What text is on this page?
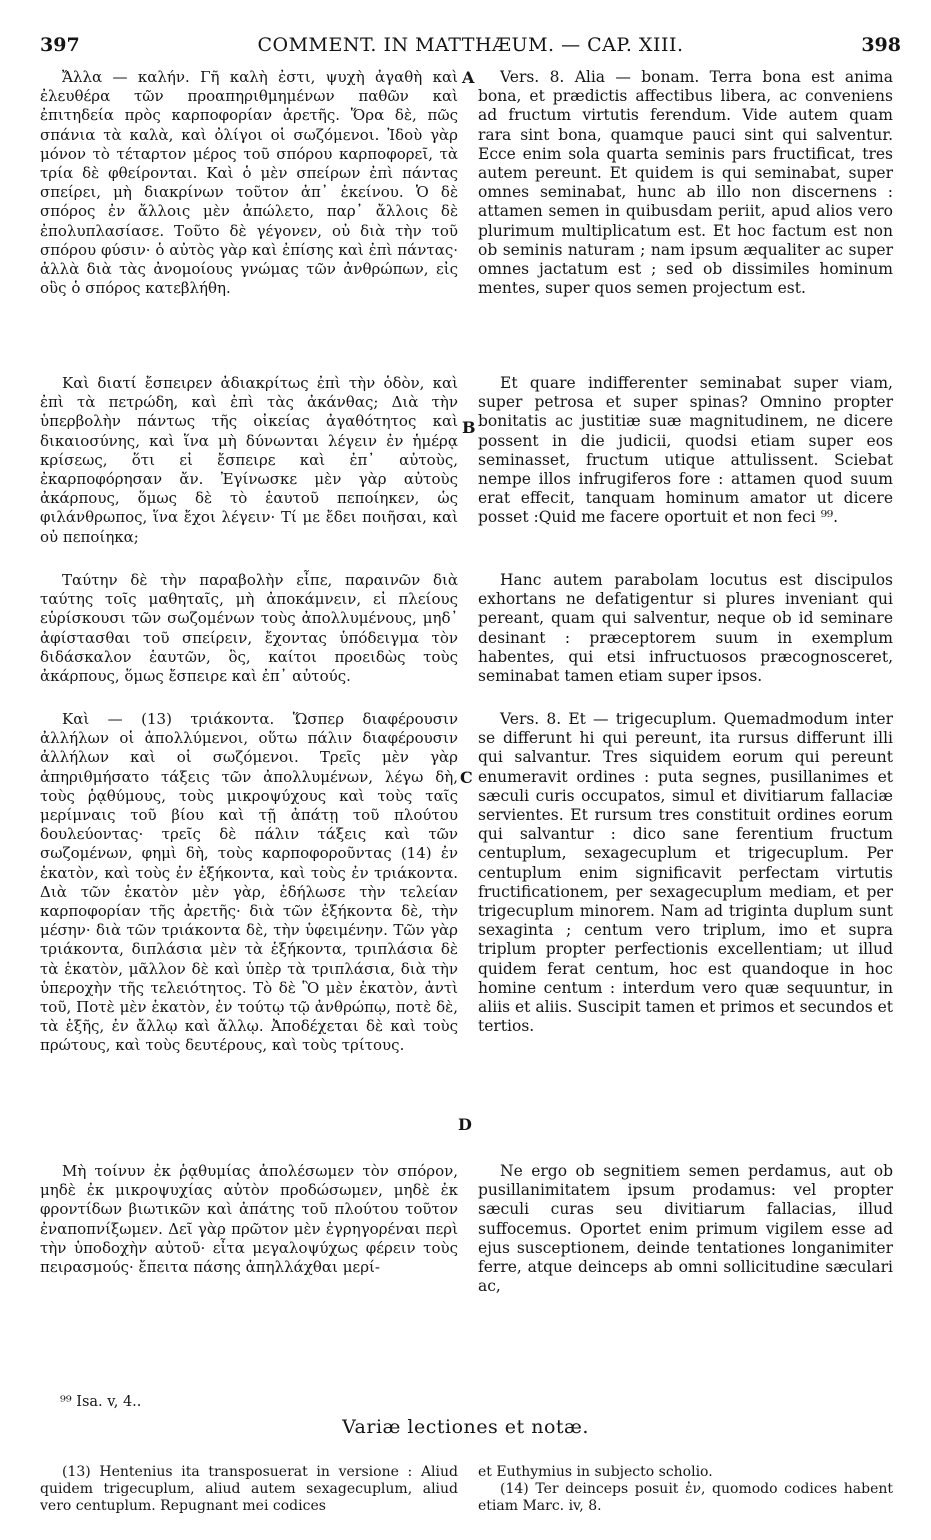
397	COMMENT. IN MATTHÆUM. — CAP. XIII.	398

Ἄλλα — καλήν. Γῆ καλὴ ἐστι, ψυχὴ ἀγαθὴ καὶ ἐλευθέρα τῶν προαπηριθμημένων παθῶν καὶ ἐπιτηδεία πρὸς καρποφορίαν ἀρετῆς. Ὅρα δὲ, πῶς σπάνια τὰ καλὰ, καὶ ὀλίγοι οἱ σωζόμενοι. Ἰδοὺ γὰρ μόνον τὸ τέταρτον μέρος τοῦ σπόρου καρποφορεῖ, τὰ τρία δὲ φθείρονται. Καὶ ὁ μὲν σπείρων ἐπὶ πάντας σπείρει, μὴ διακρίνων τοῦτον ἀπ᾽ ἐκείνου. Ὁ δὲ σπόρος ἐν ἄλλοις μὲν ἀπώλετο, παρ᾽ ἄλλοις δὲ ἐπολυπλασίασε. Τοῦτο δὲ γέγονεν, οὐ διὰ τὴν τοῦ σπόρου φύσιν· ὁ αὐτὸς γὰρ καὶ ἐπίσης καὶ ἐπὶ πάντας· ἀλλὰ διὰ τὰς ἀνομοίους γνώμας τῶν ἀνθρώπων, εἰς οὓς ὁ σπόρος κατεβλήθη.

Καὶ διατί ἔσπειρεν ἀδιακρίτως ἐπὶ τὴν ὁδὸν, καὶ ἐπὶ τὰ πετρώδη, καὶ ἐπὶ τὰς ἀκάνθας; Διὰ τὴν ὑπερβολὴν πάντως τῆς οἰκείας ἀγαθότητος καὶ δικαιοσύνης, καὶ ἵνα μὴ δύνωνται λέγειν ἐν ἡμέρᾳ κρίσεως, ὅτι εἰ ἔσπειρε καὶ ἐπ᾽ αὐτοὺς, ἐκαρποφόρησαν ἄν. Ἐγίνωσκε μὲν γὰρ αὐτοὺς ἀκάρπους, ὅμως δὲ τὸ ἑαυτοῦ πεποίηκεν, ὡς φιλάνθρωπος, ἵνα ἔχοι λέγειν· Τί με ἔδει ποιῆσαι, καὶ οὐ πεποίηκα;

Ταύτην δὲ τὴν παραβολὴν εἶπε, παραινῶν διὰ ταύτης τοῖς μαθηταῖς, μὴ ἀποκάμνειν, εἰ πλείους εὑρίσκουσι τῶν σωζομένων τοὺς ἀπολλυμένους, μηδ᾽ ἀφίστασθαι τοῦ σπείρειν, ἔχοντας ὑπόδειγμα τὸν διδάσκαλον ἑαυτῶν, ὃς, καίτοι προειδὼς τοὺς ἀκάρπους, ὅμως ἔσπειρε καὶ ἐπ᾽ αὐτούς.

Καὶ — (13) τριάκοντα. Ὥσπερ διαφέρουσιν ἀλλήλων οἱ ἀπολλύμενοι, οὕτω πάλιν διαφέρουσιν ἀλλήλων καὶ οἱ σωζόμενοι. Τρεῖς μὲν γὰρ ἀπηριθμήσατο τάξεις τῶν ἀπολλυμένων, λέγω δὴ, τοὺς ῥᾳθύμους, τοὺς μικροψύχους καὶ τοὺς ταῖς μερίμναις τοῦ βίου καὶ τῇ ἀπάτῃ τοῦ πλούτου δουλεύοντας· τρεῖς δὲ πάλιν τάξεις καὶ τῶν σωζομένων, φημὶ δὴ, τοὺς καρποφοροῦντας (14) ἐν ἑκατὸν, καὶ τοὺς ἐν ἑξήκοντα, καὶ τοὺς ἐν τριάκοντα. Διὰ τῶν ἑκατὸν μὲν γὰρ, ἐδήλωσε τὴν τελείαν καρποφορίαν τῆς ἀρετῆς· διὰ τῶν ἑξήκοντα δὲ, τὴν μέσην· διὰ τῶν τριάκοντα δὲ, τὴν ὑφειμένην. Τῶν γὰρ τριάκοντα, διπλάσια μὲν τὰ ἑξήκοντα, τριπλάσια δὲ τὰ ἑκατὸν, μᾶλλον δὲ καὶ ὑπὲρ τὰ τριπλάσια, διὰ τὴν ὑπεροχὴν τῆς τελειότητος. Τὸ δὲ Ὃ μὲν ἑκατὸν, ἀντὶ τοῦ, Ποτὲ μὲν ἑκατὸν, ἐν τούτῳ τῷ ἀνθρώπῳ, ποτὲ δὲ, τὰ ἑξῆς, ἐν ἄλλῳ καὶ ἄλλῳ. Ἀποδέχεται δὲ καὶ τοὺς πρώτους, καὶ τοὺς δευτέρους, καὶ τοὺς τρίτους.

Μὴ τοίνυν ἐκ ῥᾳθυμίας ἀπολέσωμεν τὸν σπόρον, μηδὲ ἐκ μικροψυχίας αὐτὸν προδώσωμεν, μηδὲ ἐκ φροντίδων βιωτικῶν καὶ ἀπάτης τοῦ πλούτου τοῦτον ἐναποπνίξωμεν. Δεῖ γὰρ πρῶτον μὲν ἐγρηγορέναι περὶ τὴν ὑποδοχὴν αὐτοῦ· εἶτα μεγαλοψύχως φέρειν τοὺς πειρασμούς· ἔπειτα πάσης ἀπηλλάχθαι μερί-

Vers. 8. Alia — bonam. Terra bona est anima bona, et prædictis affectibus libera, ac conveniens ad fructum virtutis ferendum. Vide autem quam rara sint bona, quamque pauci sint qui salventur. Ecce enim sola quarta seminis pars fructificat, tres autem pereunt. Et quidem is qui seminabat, super omnes seminabat, hunc ab illo non discernens : attamen semen in quibusdam periit, apud alios vero plurimum multiplicatum est. Et hoc factum est non ob seminis naturam ; nam ipsum æqualiter ac super omnes jactatum est ; sed ob dissimiles hominum mentes, super quos semen projectum est.

Et quare indifferenter seminabat super viam, super petrosa et super spinas? Omnino propter bonitatis ac justitiæ suæ magnitudinem, ne dicere possent in die judicii, quodsi etiam super eos seminasset, fructum utique attulissent. Sciebat nempe illos infrugiferos fore : attamen quod suum erat effecit, tanquam hominum amator ut dicere posset :Quid me facere oportuit et non feci ⁹⁹.

Hanc autem parabolam locutus est discipulos exhortans ne defatigentur si plures inveniant qui pereant, quam qui salventur, neque ob id seminare desinant : præceptorem suum in exemplum habentes, qui etsi infructuosos præcognosceret, seminabat tamen etiam super ipsos.

Vers. 8. Et — trigecuplum. Quemadmodum inter se differunt hi qui pereunt, ita rursus differunt illi qui salvantur. Tres siquidem eorum qui pereunt enumeravit ordines : puta segnes, pusillanimes et sæculi curis occupatos, simul et divitiarum fallaciæ servientes. Et rursum tres constituit ordines eorum qui salvantur : dico sane ferentium fructum centuplum, sexagecuplum et trigecuplum. Per centuplum enim significavit perfectam virtutis fructificationem, per sexagecuplum mediam, et per trigecuplum minorem. Nam ad triginta duplum sunt sexaginta ; centum vero triplum, imo et supra triplum propter perfectionis excellentiam; ut illud quidem ferat centum, hoc est quandoque in hoc homine centum : interdum vero quæ sequuntur, in aliis et aliis. Suscipit tamen et primos et secundos et tertios.

Ne ergo ob segnitiem semen perdamus, aut ob pusillanimitatem ipsum prodamus: vel propter sæculi curas seu divitiarum fallacias, illud suffocemus. Oportet enim primum vigilem esse ad ejus susceptionem, deinde tentationes longanimiter ferre, atque deinceps ab omni sollicitudine sæculari ac,

A
B
C
D
⁹⁹ Isa. v, 4..
Variæ lectiones et notæ.

(13) Hentenius ita transposuerat in versione : Aliud quidem trigecuplum, aliud autem sexagecuplum, aliud vero centuplum. Repugnant mei codices

et Euthymius in subjecto scholio.
(14) Ter deinceps posuit ἐν, quomodo codices habent etiam Marc. iv, 8.
